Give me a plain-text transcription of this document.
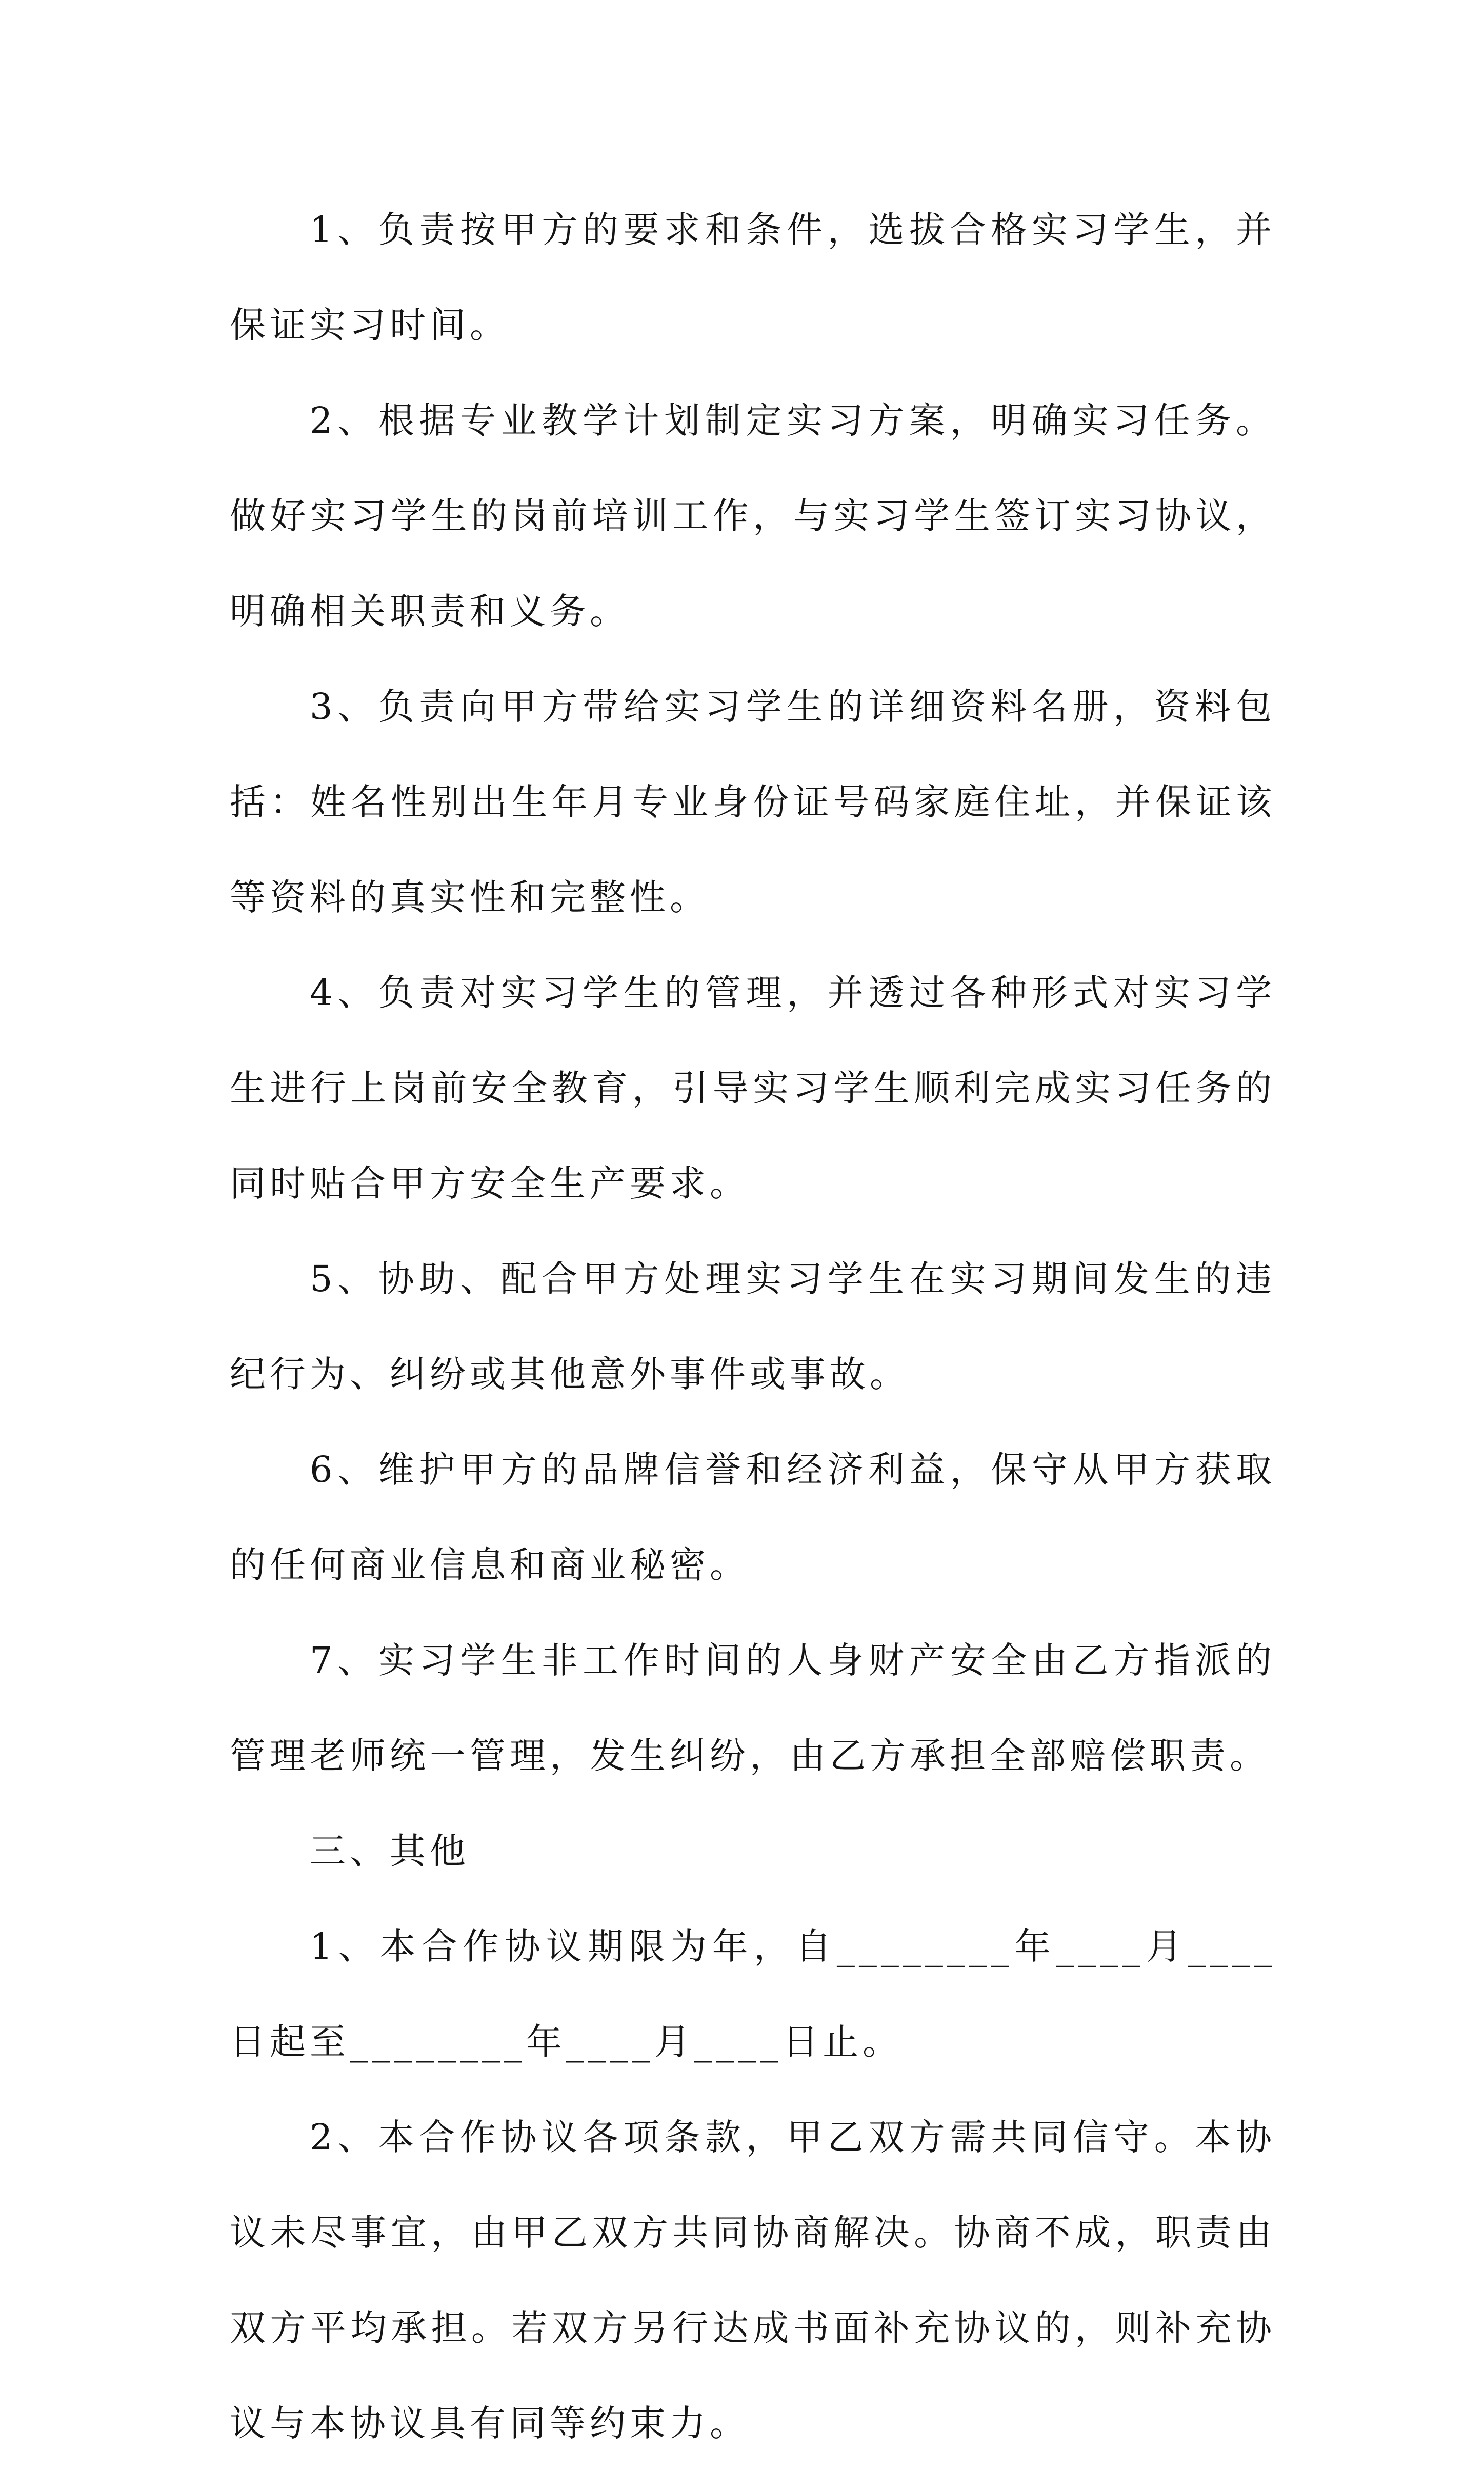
1、负责按甲方的要求和条件，选拔合格实习学生，并保证实习时间。

2、根据专业教学计划制定实习方案，明确实习任务。做好实习学生的岗前培训工作，与实习学生签订实习协议，明确相关职责和义务。

3、负责向甲方带给实习学生的详细资料名册，资料包括：姓名性别出生年月专业身份证号码家庭住址，并保证该等资料的真实性和完整性。

4、负责对实习学生的管理，并透过各种形式对实习学生进行上岗前安全教育，引导实习学生顺利完成实习任务的同时贴合甲方安全生产要求。

5、协助、配合甲方处理实习学生在实习期间发生的违纪行为、纠纷或其他意外事件或事故。

6、维护甲方的品牌信誉和经济利益，保守从甲方获取的任何商业信息和商业秘密。

7、实习学生非工作时间的人身财产安全由乙方指派的管理老师统一管理，发生纠纷，由乙方承担全部赔偿职责。

三、其他

1、本合作协议期限为年，自________年____月____日起至________年____月____日止。

2、本合作协议各项条款，甲乙双方需共同信守。本协议未尽事宜，由甲乙双方共同协商解决。协商不成，职责由双方平均承担。若双方另行达成书面补充协议的，则补充协议与本协议具有同等约束力。
